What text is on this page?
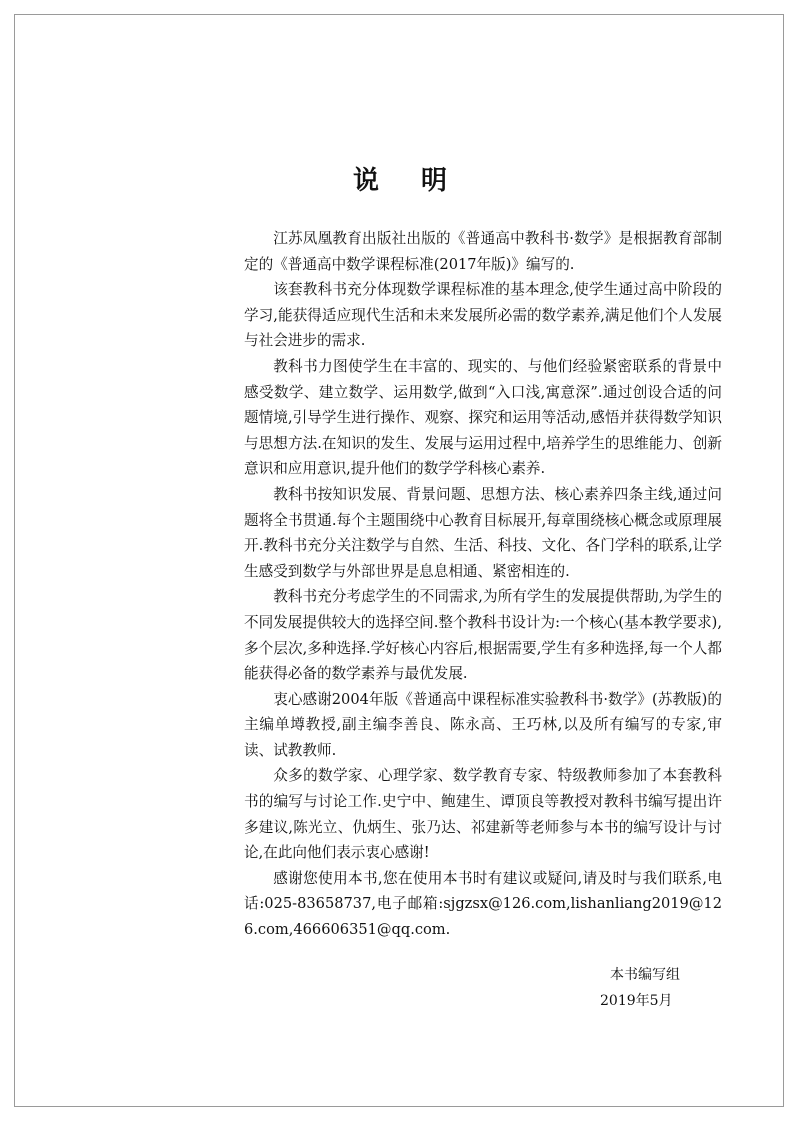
说明

江苏凤凰教育出版社出版的《普通高中教科书·数学》是根据教育部制定的《普通高中数学课程标准(2017年版)》编写的.

该套教科书充分体现数学课程标准的基本理念,使学生通过高中阶段的学习,能获得适应现代生活和未来发展所必需的数学素养,满足他们个人发展与社会进步的需求.

教科书力图使学生在丰富的、现实的、与他们经验紧密联系的背景中感受数学、建立数学、运用数学,做到“入口浅,寓意深”.通过创设合适的问题情境,引导学生进行操作、观察、探究和运用等活动,感悟并获得数学知识与思想方法.在知识的发生、发展与运用过程中,培养学生的思维能力、创新意识和应用意识,提升他们的数学学科核心素养.

教科书按知识发展、背景问题、思想方法、核心素养四条主线,通过问题将全书贯通.每个主题围绕中心教育目标展开,每章围绕核心概念或原理展开.教科书充分关注数学与自然、生活、科技、文化、各门学科的联系,让学生感受到数学与外部世界是息息相通、紧密相连的.

教科书充分考虑学生的不同需求,为所有学生的发展提供帮助,为学生的不同发展提供较大的选择空间.整个教科书设计为:一个核心(基本教学要求),多个层次,多种选择.学好核心内容后,根据需要,学生有多种选择,每一个人都能获得必备的数学素养与最优发展.

衷心感谢2004年版《普通高中课程标准实验教科书·数学》(苏教版)的主编单墫教授,副主编李善良、陈永高、王巧林,以及所有编写的专家,审读、试教教师.

众多的数学家、心理学家、数学教育专家、特级教师参加了本套教科书的编写与讨论工作.史宁中、鲍建生、谭顶良等教授对教科书编写提出许多建议,陈光立、仇炳生、张乃达、祁建新等老师参与本书的编写设计与讨论,在此向他们表示衷心感谢!

感谢您使用本书,您在使用本书时有建议或疑问,请及时与我们联系,电话:025-83658737,电子邮箱:sjgzsx@126.com,lishanliang2019@126.com,466606351@qq.com.

本书编写组
2019年5月
